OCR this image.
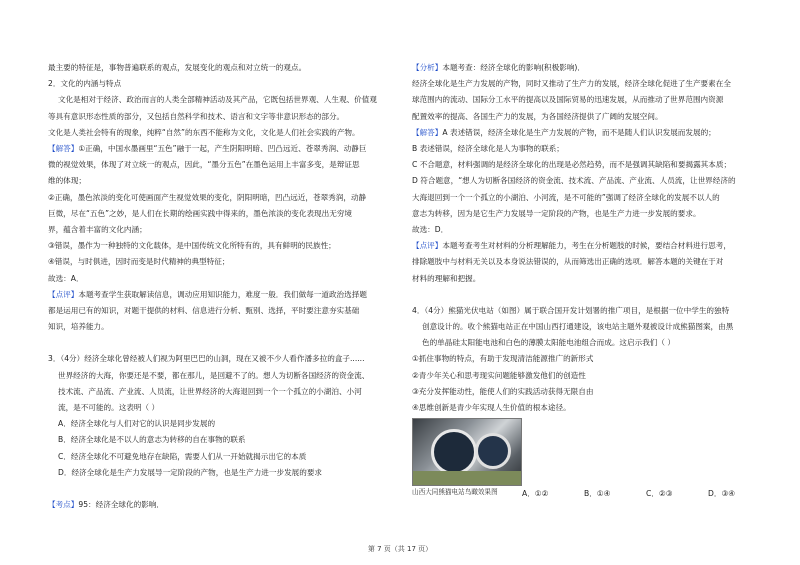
最主要的特征是，事物普遍联系的观点，发展变化的观点和对立统一的观点。

2．文化的内涵与特点

文化是相对于经济、政治而言的人类全部精神活动及其产品，它既包括世界观、人生观、价值观

等具有意识形态性质的部分，又包括自然科学和技术、语言和文字等非意识形态的部分。

文化是人类社会特有的现象，纯粹“自然”的东西不能称为文化，文化是人们社会实践的产物。

【解答】①正确，中国水墨画里“五色”融于一起，产生阴阳明暗、凹凸远近、苍翠秀润、动静巨

微的视觉效果，体现了对立统一的观点，因此，“墨分五色”在墨色运用上丰富多变，是辩证思

维的体现；

②正确，墨色浓淡的变化可使画面产生视觉效果的变化，阴阳明暗，凹凸远近，苍翠秀润，动静

巨微，尽在“五色”之妙，是人们在长期的绘画实践中得来的，墨色浓淡的变化表现出无穷境

界，蕴含着丰富的文化内涵；

③错误，墨作为一种独特的文化载体，是中国传统文化所特有的，具有鲜明的民族性；

④错误，与时俱进，因时而变是时代精神的典型特征；

故选：A．

【点评】本题考查学生获取解读信息，调动应用知识能力，难度一般．我们做每一道政治选择题

都是运用已有的知识，对题干提供的材料、信息进行分析、甄别、选择，平时要注意夯实基础

知识，培养能力。

3．（4分）经济全球化曾经被人们视为阿里巴巴的山洞，现在又被不少人看作潘多拉的盒子......

世界经济的大海，你要还是不要，都在那儿，是回避不了的。想人为切断各国经济的资金流、

技术流、产品流、产业流、人员流，让世界经济的大海退回到一个一个孤立的小湖泊、小河

流，是不可能的。这表明（ ）

A．经济全球化与人们对它的认识是同步发展的

B．经济全球化是不以人的意志为转移的自在事物的联系

C．经济全球化不可避免地存在缺陷，需要人们从一开始就揭示出它的本质

D．经济全球化是生产力发展导一定阶段的产物，也是生产力进一步发展的要求

【考点】95：经济全球化的影响．

【分析】本题考查：经济全球化的影响(积极影响)．

经济全球化是生产力发展的产物，同时又推动了生产力的发展，经济全球化促进了生产要素在全

球范围内的流动、国际分工水平的提高以及国际贸易的迅速发展，从而推动了世界范围内资源

配置效率的提高、各国生产力的发展，为各国经济提供了广阔的发展空间。

【解答】A 表述错误，经济全球化是生产力发展的产物，而不是随人们认识发展而发展的；

B 表述错误，经济全球化是人为事物的联系；

C 不合题意，材料强调的是经济全球化的出现是必然趋势，而不是强调其缺陷和要揭露其本质；

D 符合题意，“想人为切断各国经济的资金流、技术流、产品流、产业流、人员流，让世界经济的

大海退回到一个一个孤立的小湖泊、小河流，是不可能的”强调了经济全球化的发展不以人的

意志为转移，因为是它生产力发展导一定阶段的产物，也是生产力进一步发展的要求。

故选：D．

【点评】本题考查考生对材料的分析理解能力，考生在分析题肢的时候，要结合材料进行思考，

排除题肢中与材料无关以及本身说法错误的，从而筛选出正确的选项．解答本题的关键在于对

材料的理解和把握。

4．（4分）熊猫光伏电站（如图）属于联合国开发计划署的推广项目，是根据一位中学生的独特

创意设计的。收个熊猫电站正在中国山西打通建设，该电站主题外观被设计成熊猫图案，由黑

色的单晶硅太阳能电池和白色的薄膜太阳能电池组合而成。这启示我们（ ）

①抓住事物的特点，有助于发现清洁能源推广的新形式

②青少年关心和思考现实问题能够激发他们的创造性

③充分发挥能动性，能使人们的实践活动获得无限自由

④思维创新是青少年实现人生价值的根本途径。

山西大同熊猫电站鸟瞰效果图	A．①②	B．①④	C．②③	D．③④
第 7 页（共 17 页）
